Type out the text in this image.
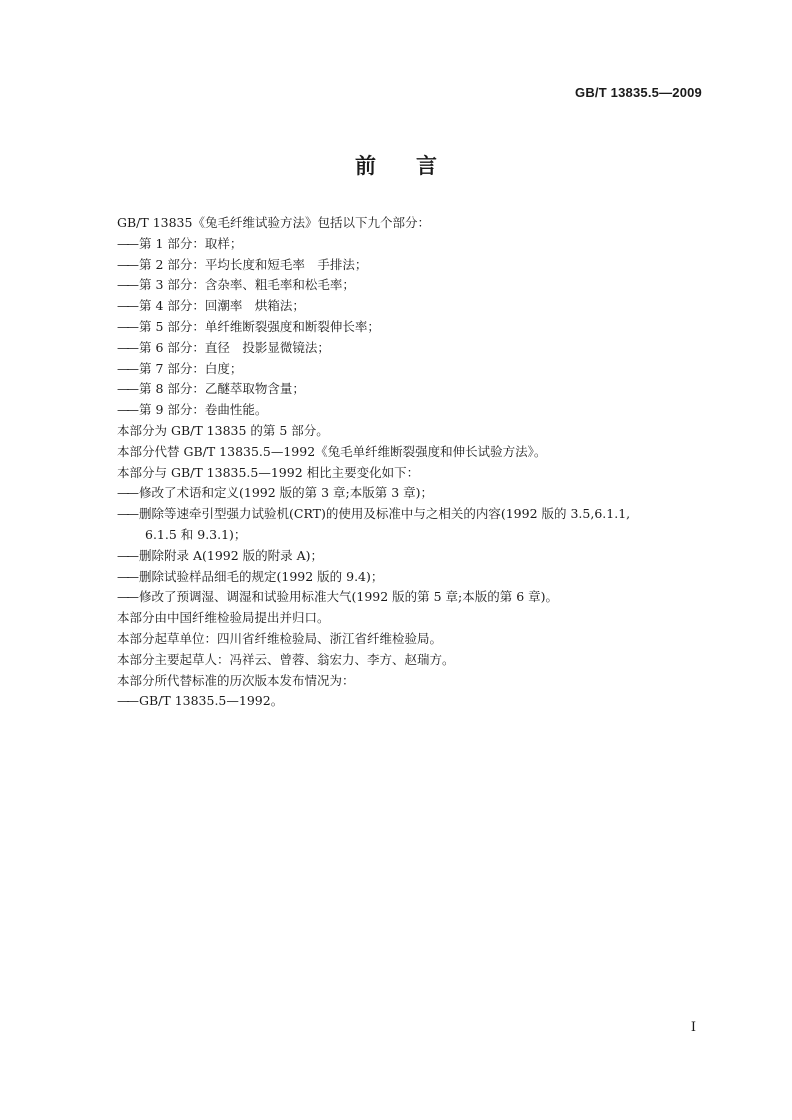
GB/T 13835.5—2009
前言
GB/T 13835《兔毛纤维试验方法》包括以下九个部分：
—— 第 1 部分：取样；
—— 第 2 部分：平均长度和短毛率　手排法；
—— 第 3 部分：含杂率、粗毛率和松毛率；
—— 第 4 部分：回潮率　烘箱法；
—— 第 5 部分：单纤维断裂强度和断裂伸长率；
—— 第 6 部分：直径　投影显微镜法；
—— 第 7 部分：白度；
—— 第 8 部分：乙醚萃取物含量；
—— 第 9 部分：卷曲性能。
本部分为 GB/T 13835 的第 5 部分。
本部分代替 GB/T 13835.5—1992《兔毛单纤维断裂强度和伸长试验方法》。
本部分与 GB/T 13835.5—1992 相比主要变化如下：
—— 修改了术语和定义(1992 版的第 3 章;本版第 3 章)；
—— 删除等速牵引型强力试验机(CRT)的使用及标准中与之相关的内容(1992 版的 3.5,6.1.1,
6.1.5 和 9.3.1)；
—— 删除附录 A(1992 版的附录 A)；
—— 删除试验样品细毛的规定(1992 版的 9.4)；
—— 修改了预调湿、调湿和试验用标准大气(1992 版的第 5 章;本版的第 6 章)。
本部分由中国纤维检验局提出并归口。
本部分起草单位：四川省纤维检验局、浙江省纤维检验局。
本部分主要起草人：冯祥云、曾蓉、翁宏力、李方、赵瑞方。
本部分所代替标准的历次版本发布情况为：
—— GB/T 13835.5—1992。
I
